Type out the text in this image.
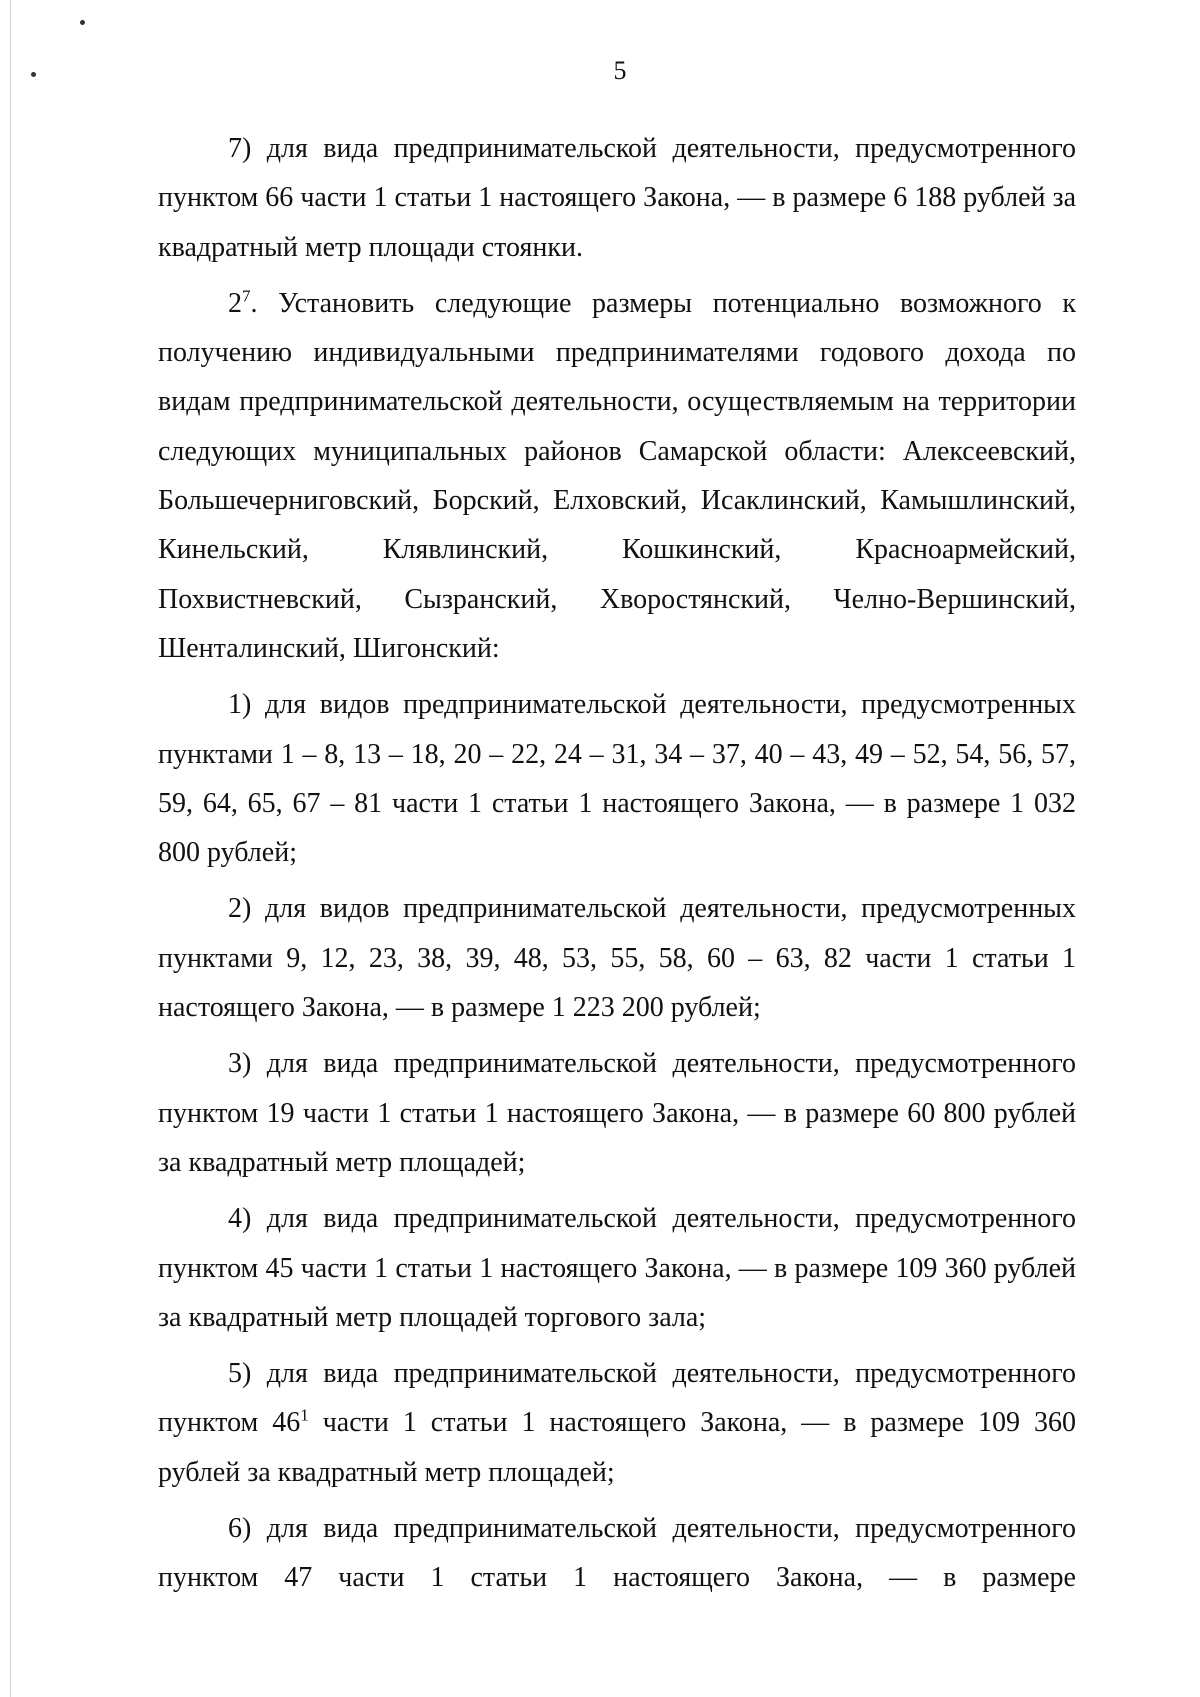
5

7) для вида предпринимательской деятельности, предусмотренного пунктом 66 части 1 статьи 1 настоящего Закона, — в размере 6 188 рублей за квадратный метр площади стоянки.

$2^7$. Установить следующие размеры потенциально возможного к получению индивидуальными предпринимателями годового дохода по видам предпринимательской деятельности, осуществляемым на территории следующих муниципальных районов Самарской области: Алексеевский, Большечерниговский, Борский, Елховский, Исаклинский, Камышлинский, Кинельский, Клявлинский, Кошкинский, Красноармейский, Похвистневский, Сызранский, Хворостянский, Челно-Вершинский, Шенталинский, Шигонский:

1) для видов предпринимательской деятельности, предусмотренных пунктами 1 – 8, 13 – 18, 20 – 22, 24 – 31, 34 – 37, 40 – 43, 49 – 52, 54, 56, 57, 59, 64, 65, 67 – 81 части 1 статьи 1 настоящего Закона, — в размере 1 032 800 рублей;

2) для видов предпринимательской деятельности, предусмотренных пунктами 9, 12, 23, 38, 39, 48, 53, 55, 58, 60 – 63, 82 части 1 статьи 1 настоящего Закона, — в размере 1 223 200 рублей;

3) для вида предпринимательской деятельности, предусмотренного пунктом 19 части 1 статьи 1 настоящего Закона, — в размере 60 800 рублей за квадратный метр площадей;

4) для вида предпринимательской деятельности, предусмотренного пунктом 45 части 1 статьи 1 настоящего Закона, — в размере 109 360 рублей за квадратный метр площадей торгового зала;

5) для вида предпринимательской деятельности, предусмотренного пунктом $46^1$ части 1 статьи 1 настоящего Закона, — в размере 109 360 рублей за квадратный метр площадей;

6) для вида предпринимательской деятельности, предусмотренного пунктом 47 части 1 статьи 1 настоящего Закона, — в размере
